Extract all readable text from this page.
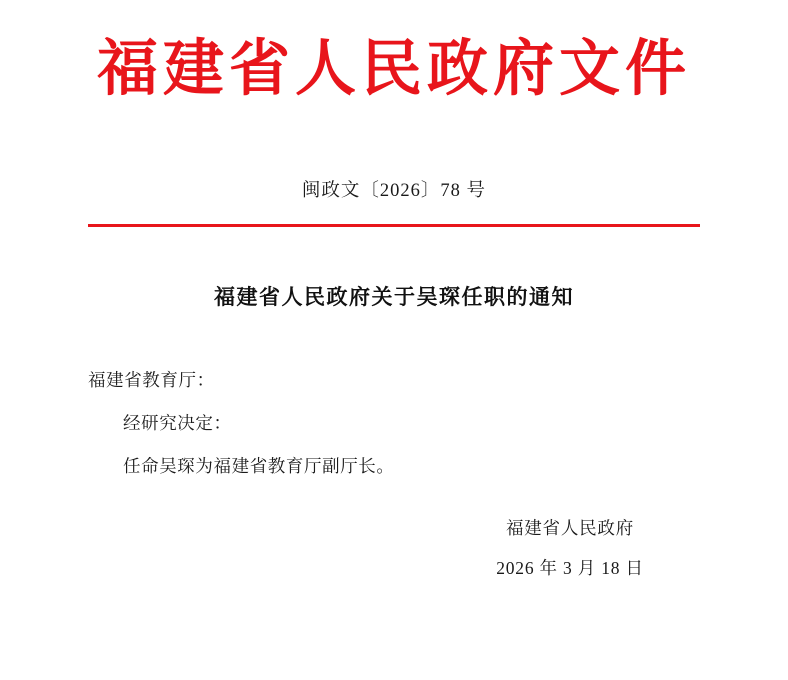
福建省人民政府文件
闽政文〔2026〕78 号
福建省人民政府关于吴琛任职的通知

福建省教育厅：

经研究决定：

任命吴琛为福建省教育厅副厅长。

福建省人民政府
2026 年 3 月 18 日
